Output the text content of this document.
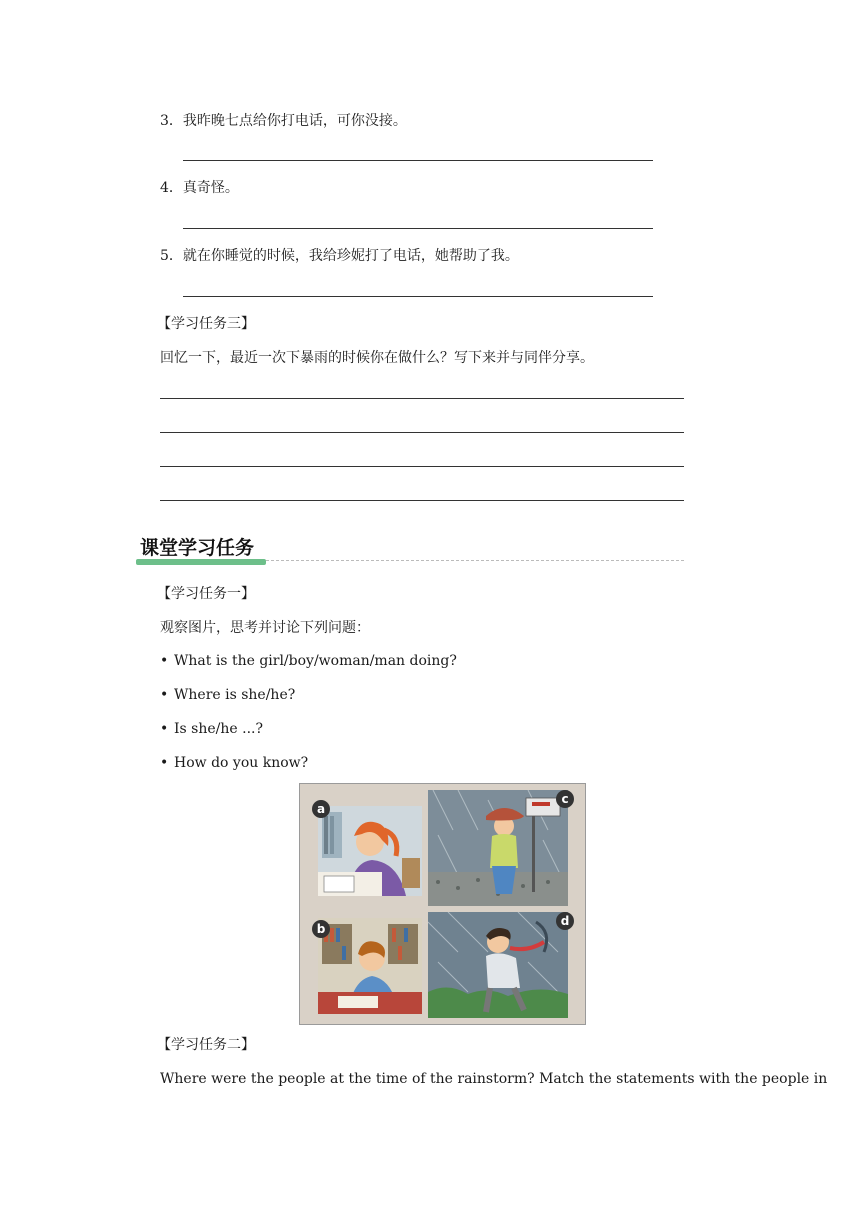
3．我昨晚七点给你打电话，可你没接。
4．真奇怪。
5．就在你睡觉的时候，我给珍妮打了电话，她帮助了我。
【学习任务三】
回忆一下，最近一次下暴雨的时候你在做什么？写下来并与同伴分享。
课堂学习任务
【学习任务一】
观察图片，思考并讨论下列问题：
• What is the girl/boy/woman/man doing?
• Where is she/he?
• Is she/he ...?
• How do you know?
a
c
b
d
【学习任务二】
Where were the people at the time of the rainstorm? Match the statements with the people in
